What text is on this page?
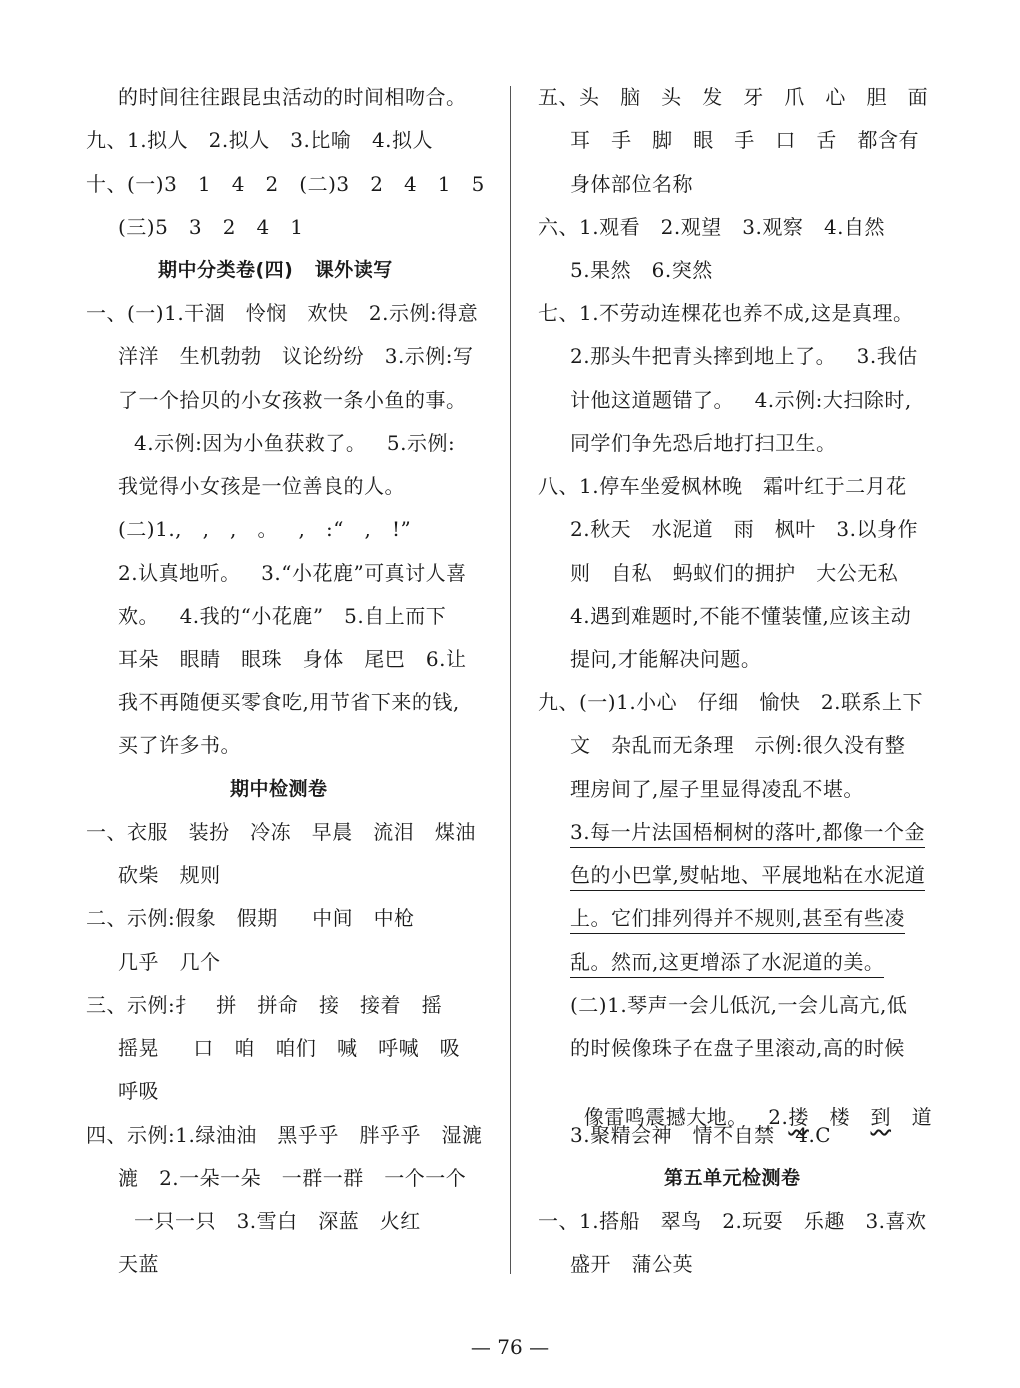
的时间往往跟昆虫活动的时间相吻合。
九、1.拟人   2.拟人   3.比喻   4.拟人
十、(一)3   1   4   2   (二)3   2   4   1   5
(三)5   3   2   4   1
期中分类卷(四)   课外读写
一、(一)1.干涸   怜悯   欢快   2.示例:得意
洋洋   生机勃勃   议论纷纷   3.示例:写
了一个拾贝的小女孩救一条小鱼的事。
4.示例:因为小鱼获救了。   5.示例:
我觉得小女孩是一位善良的人。
(二)1.,   ,   ,   。   ,   :“   ,   !”
2.认真地听。   3.“小花鹿”可真讨人喜
欢。   4.我的“小花鹿”   5.自上而下
耳朵   眼睛   眼珠   身体   尾巴   6.让
我不再随便买零食吃,用节省下来的钱,
买了许多书。
期中检测卷
一、衣服   装扮   冷冻   早晨   流泪   煤油
砍柴   规则
二、示例:假象   假期     中间   中枪
几乎   几个
三、示例:扌   拼   拼命   接   接着   摇
摇晃     口   咱   咱们   喊   呼喊   吸
呼吸
四、示例:1.绿油油   黑乎乎   胖乎乎   湿漉
漉   2.一朵一朵   一群一群   一个一个
一只一只   3.雪白   深蓝   火红
天蓝
五、头   脑   头   发   牙   爪   心   胆   面
耳   手   脚   眼   手   口   舌   都含有
身体部位名称
六、1.观看   2.观望   3.观察   4.自然
5.果然   6.突然
七、1.不劳动连棵花也养不成,这是真理。
2.那头牛把青头摔到地上了。   3.我估
计他这道题错了。   4.示例:大扫除时,
同学们争先恐后地打扫卫生。
八、1.停车坐爱枫林晚   霜叶红于二月花
2.秋天   水泥道   雨   枫叶   3.以身作
则   自私   蚂蚁们的拥护   大公无私
4.遇到难题时,不能不懂装懂,应该主动
提问,才能解决问题。
九、(一)1.小心   仔细   愉快   2.联系上下
文   杂乱而无条理   示例:很久没有整
理房间了,屋子里显得凌乱不堪。
3.每一片法国梧桐树的落叶,都像一个金
色的小巴掌,熨帖地、平展地粘在水泥道
上。它们排列得并不规则,甚至有些凌
乱。然而,这更增添了水泥道的美。
(二)1.琴声一会儿低沉,一会儿高亢,低
的时候像珠子在盘子里滚动,高的时候

像雷鸣震撼大地。   2.搂   楼   到   道

3.聚精会神   情不自禁   4.C
第五单元检测卷
一、1.搭船   翠鸟   2.玩耍   乐趣   3.喜欢
盛开   蒲公英
— 76 —
